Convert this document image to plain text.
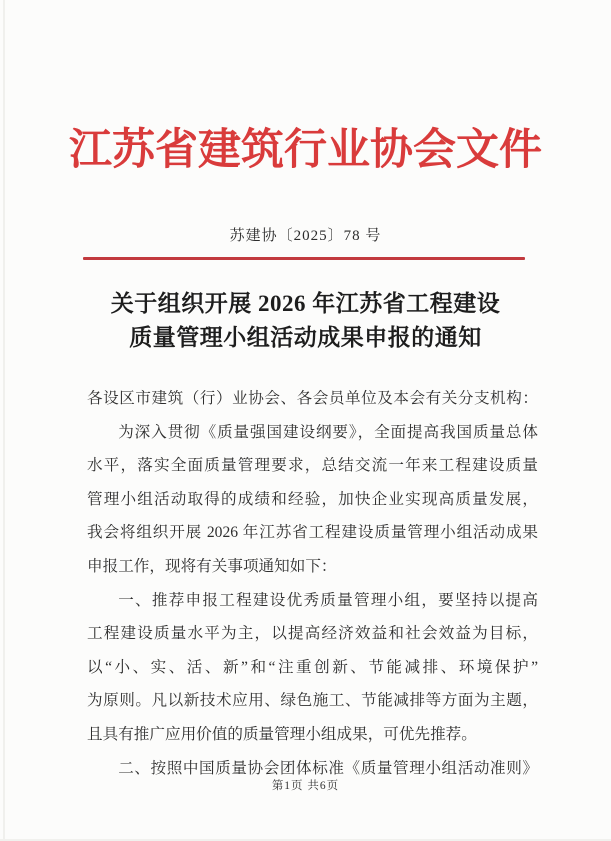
江苏省建筑行业协会文件
苏建协〔2025〕78 号
关于组织开展 2026 年江苏省工程建设
质量管理小组活动成果申报的通知
各设区市建筑（行）业协会、各会员单位及本会有关分支机构：
为深入贯彻《质量强国建设纲要》，全面提高我国质量总体
水平，落实全面质量管理要求，总结交流一年来工程建设质量
管理小组活动取得的成绩和经验，加快企业实现高质量发展，
我会将组织开展 2026 年江苏省工程建设质量管理小组活动成果
申报工作，现将有关事项通知如下：
一、推荐申报工程建设优秀质量管理小组，要坚持以提高
工程建设质量水平为主，以提高经济效益和社会效益为目标，
以“小、实、活、新”和“注重创新、节能减排、环境保护”
为原则。凡以新技术应用、绿色施工、节能减排等方面为主题，
且具有推广应用价值的质量管理小组成果，可优先推荐。
二、按照中国质量协会团体标准《质量管理小组活动准则》
第1页 共6页
